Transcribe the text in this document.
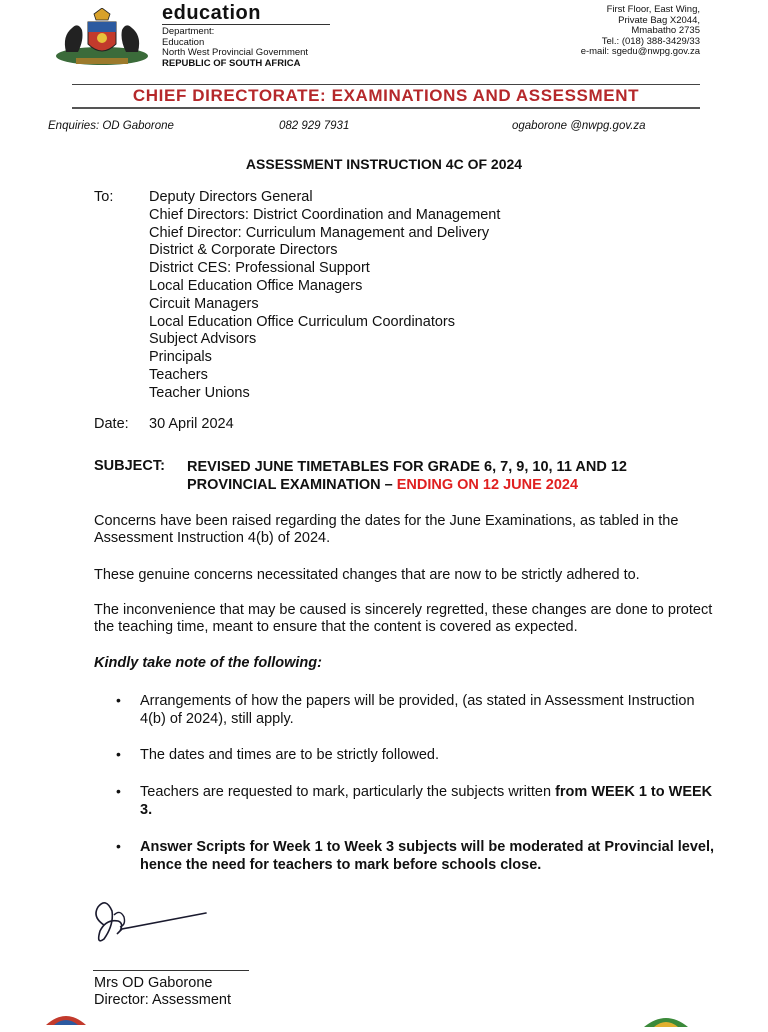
education
Department:
Education
North West Provincial Government
REPUBLIC OF SOUTH AFRICA
First Floor, East Wing,
Private Bag X2044,
Mmabatho 2735
Tel.: (018) 388-3429/33
e-mail: sgedu@nwpg.gov.za
CHIEF DIRECTORATE: EXAMINATIONS AND ASSESSMENT
Enquiries: OD Gaborone	082 929 7931	ogaborone @nwpg.gov.za
ASSESSMENT INSTRUCTION 4C OF 2024
To: Deputy Directors General
Chief Directors: District Coordination and Management
Chief Director: Curriculum Management and Delivery
District & Corporate Directors
District CES: Professional Support
Local Education Office Managers
Circuit Managers
Local Education Office Curriculum Coordinators
Subject Advisors
Principals
Teachers
Teacher Unions
Date: 30 April 2024
SUBJECT: REVISED JUNE TIMETABLES FOR GRADE 6, 7, 9, 10, 11 AND 12
PROVINCIAL EXAMINATION – ENDING ON 12 JUNE 2024
Concerns have been raised regarding the dates for the June Examinations, as tabled in the Assessment Instruction 4(b) of 2024.
These genuine concerns necessitated changes that are now to be strictly adhered to.
The inconvenience that may be caused is sincerely regretted, these changes are done to protect the teaching time, meant to ensure that the content is covered as expected.
Kindly take note of the following:
• Arrangements of how the papers will be provided, (as stated in Assessment Instruction 4(b) of 2024), still apply.
• The dates and times are to be strictly followed.
• Teachers are requested to mark, particularly the subjects written from WEEK 1 to WEEK 3.
• Answer Scripts for Week 1 to Week 3 subjects will be moderated at Provincial level, hence the need for teachers to mark before schools close.
Mrs OD Gaborone
Director: Assessment
